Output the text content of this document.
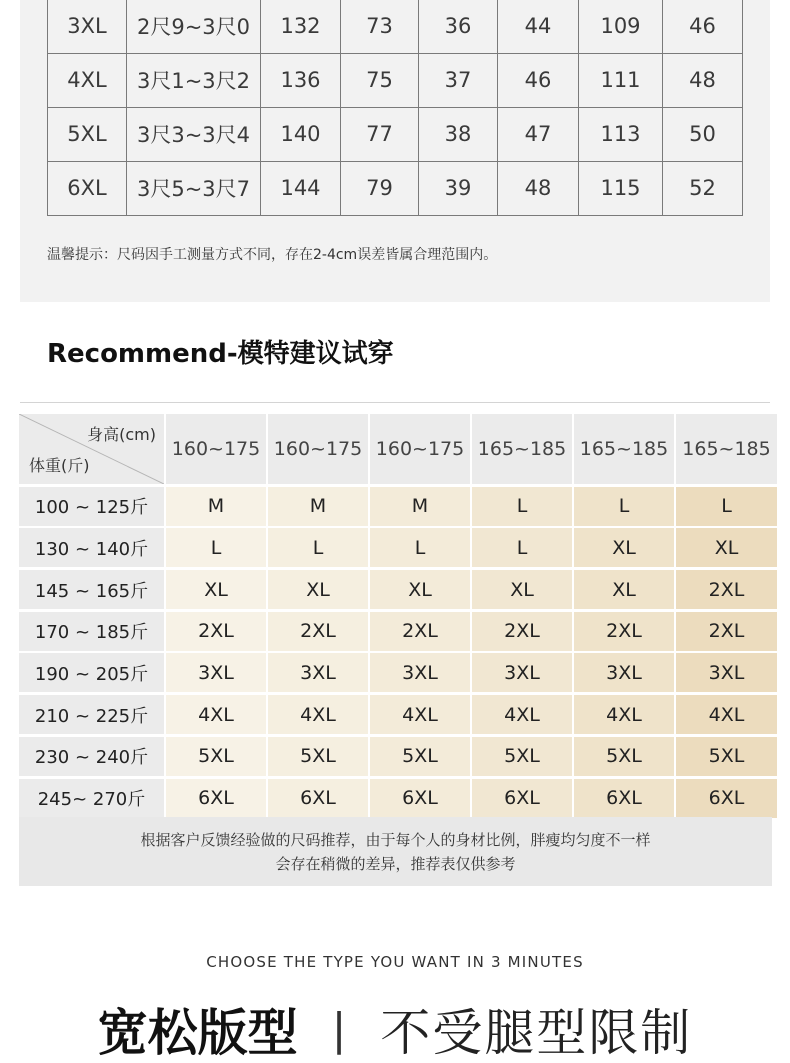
3XL	2尺9~3尺0	132	73	36	44	109	46
4XL	3尺1~3尺2	136	75	37	46	111	48
5XL	3尺3~3尺4	140	77	38	47	113	50
6XL	3尺5~3尺7	144	79	39	48	115	52
温馨提示：尺码因手工测量方式不同，存在2-4cm误差皆属合理范围内。
Recommend-模特建议试穿
身高(cm)
体重(斤)
160~175 160~175 160~175 165~185 165~185 165~185
100 ~ 125斤	M	M	M	L	L	L
130 ~ 140斤	L	L	L	L	XL	XL
145 ~ 165斤	XL	XL	XL	XL	XL	2XL
170 ~ 185斤	2XL	2XL	2XL	2XL	2XL	2XL
190 ~ 205斤	3XL	3XL	3XL	3XL	3XL	3XL
210 ~ 225斤	4XL	4XL	4XL	4XL	4XL	4XL
230 ~ 240斤	5XL	5XL	5XL	5XL	5XL	5XL
245~ 270斤	6XL	6XL	6XL	6XL	6XL	6XL
根据客户反馈经验做的尺码推荐，由于每个人的身材比例，胖瘦均匀度不一样
会存在稍微的差异，推荐表仅供参考
CHOOSE THE TYPE YOU WANT IN 3 MINUTES
宽松版型 | 不受腿型限制
